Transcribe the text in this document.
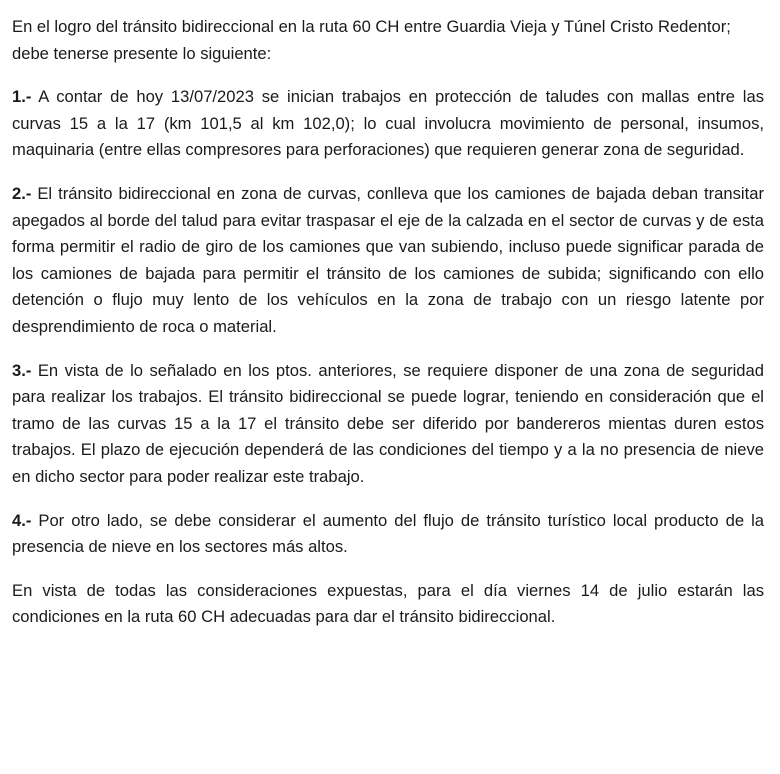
En el logro del tránsito bidireccional en la ruta 60 CH entre Guardia Vieja y Túnel Cristo Redentor; debe tenerse presente lo siguiente:

1.- A contar de hoy 13/07/2023 se inician trabajos en protección de taludes con mallas entre las curvas 15 a la 17 (km 101,5 al km 102,0); lo cual involucra movimiento de personal, insumos, maquinaria (entre ellas compresores para perforaciones) que requieren generar zona de seguridad.

2.- El tránsito bidireccional en zona de curvas, conlleva que los camiones de bajada deban transitar apegados al borde del talud para evitar traspasar el eje de la calzada en el sector de curvas y de esta forma permitir el radio de giro de los camiones que van subiendo, incluso puede significar parada de los camiones de bajada para permitir el tránsito de los camiones de subida; significando con ello detención o flujo muy lento de los vehículos en la zona de trabajo con un riesgo latente por desprendimiento de roca o material.

3.- En vista de lo señalado en los ptos. anteriores, se requiere disponer de una zona de seguridad para realizar los trabajos. El tránsito bidireccional se puede lograr, teniendo en consideración que el tramo de las curvas 15 a la 17 el tránsito debe ser diferido por bandereros mientas duren estos trabajos. El plazo de ejecución dependerá de las condiciones del tiempo y a la no presencia de nieve en dicho sector para poder realizar este trabajo.

4.- Por otro lado, se debe considerar el aumento del flujo de tránsito turístico local producto de la presencia de nieve en los sectores más altos.

En vista de todas las consideraciones expuestas, para el día viernes 14 de julio estarán las condiciones en la ruta 60 CH adecuadas para dar el tránsito bidireccional.
